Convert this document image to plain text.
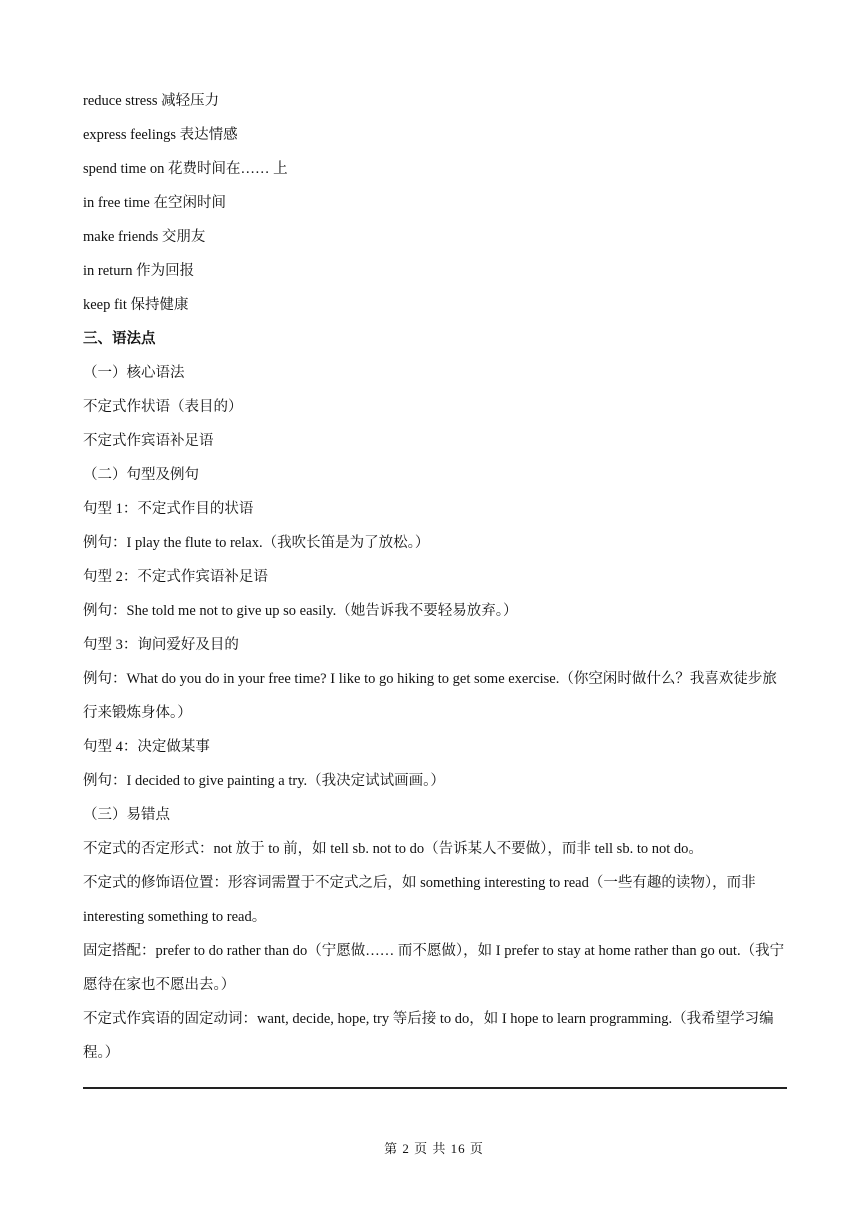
reduce stress 减轻压力
express feelings 表达情感
spend time on 花费时间在…… 上
in free time 在空闲时间
make friends 交朋友
in return 作为回报
keep fit 保持健康
三、语法点
（一）核心语法
不定式作状语（表目的）
不定式作宾语补足语
（二）句型及例句
句型 1：不定式作目的状语
例句：I play the flute to relax.（我吹长笛是为了放松。）
句型 2：不定式作宾语补足语
例句：She told me not to give up so easily.（她告诉我不要轻易放弃。）
句型 3：询问爱好及目的
例句：What do you do in your free time? I like to go hiking to get some exercise.（你空闲时做什么？我喜欢徒步旅行来锻炼身体。）
句型 4：决定做某事
例句：I decided to give painting a try.（我决定试试画画。）
（三）易错点
不定式的否定形式：not 放于 to 前，如 tell sb. not to do（告诉某人不要做），而非 tell sb. to not do。
不定式的修饰语位置：形容词需置于不定式之后，如 something interesting to read（一些有趣的读物），而非 interesting something to read。
固定搭配：prefer to do rather than do（宁愿做…… 而不愿做），如 I prefer to stay at home rather than go out.（我宁愿待在家也不愿出去。）
不定式作宾语的固定动词：want, decide, hope, try 等后接 to do，如 I hope to learn programming.（我希望学习编程。）
第 2 页 共 16 页
